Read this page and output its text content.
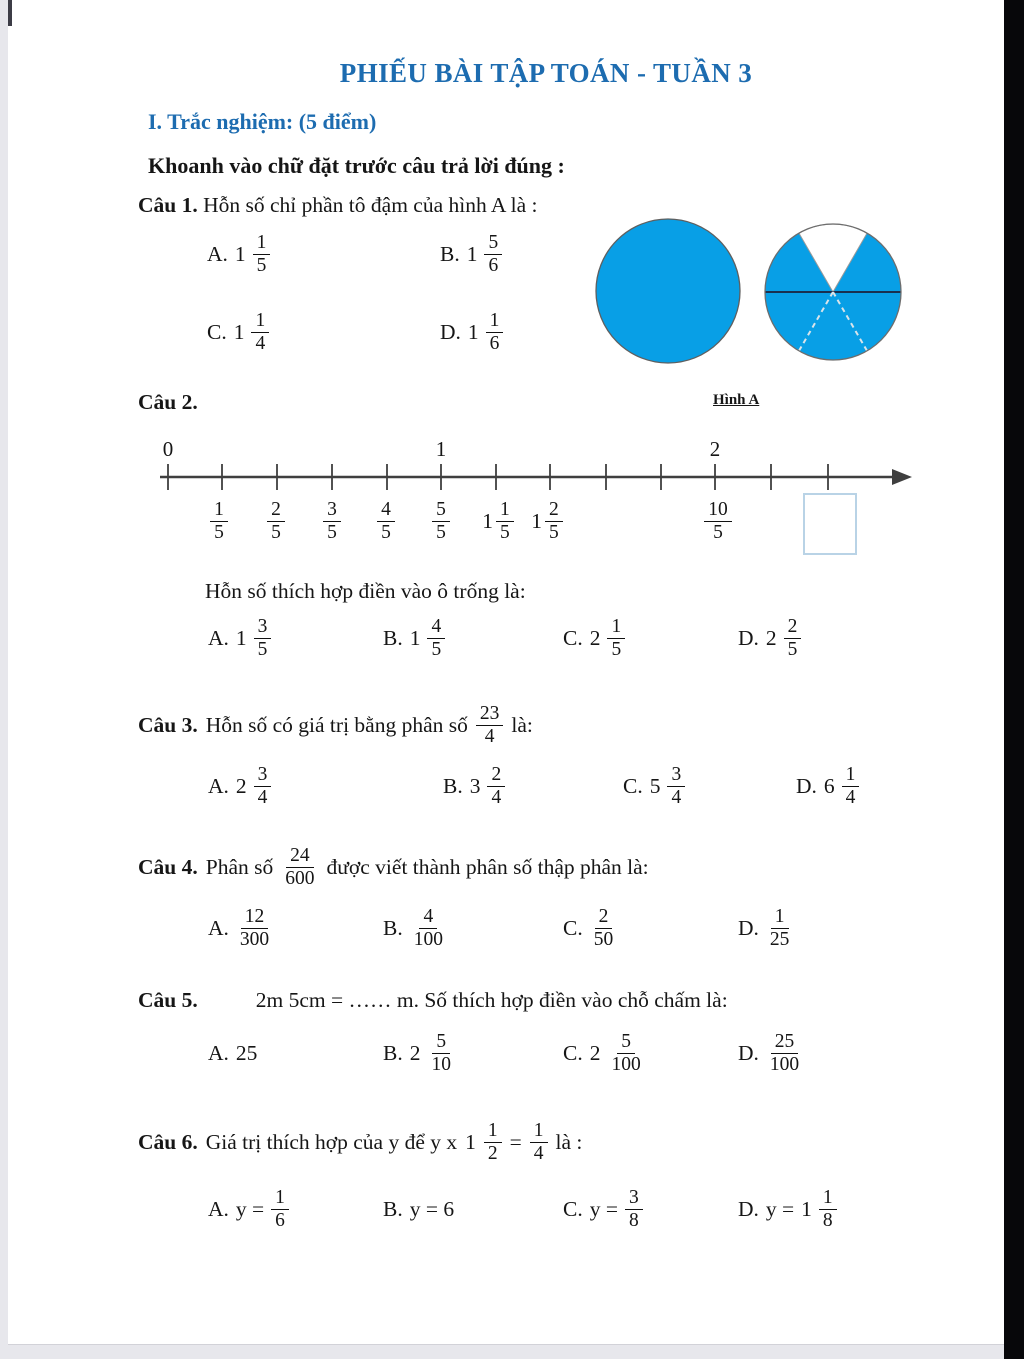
PHIẾU BÀI TẬP TOÁN - TUẦN 3
I. Trắc nghiệm: (5 điểm)

Khoanh vào chữ đặt trước câu trả lời đúng :

Câu 1. Hỗn số chỉ phần tô đậm của hình A là :

A. $1 \frac{1}{5}$	B. $1 \frac{5}{6}$
C. $1 \frac{1}{4}$	D. $1 \frac{1}{6}$
Hình A

Câu 2.

0	1	2
$\frac{1}{5} \frac{2}{5} \frac{3}{5} \frac{4}{5} \frac{5}{5} 1 \frac{1}{5} 1 \frac{2}{5}$	$\frac{10}{5}$

Hỗn số thích hợp điền vào ô trống là:

A. $1 \frac{3}{5}$	B. $1 \frac{4}{5}$	C. $2 \frac{1}{5}$	D. $2 \frac{2}{5}$
Câu 3. Hỗn số có giá trị bằng phân số $\frac{23}{4}$ là:
A. $2 \frac{3}{4}$	B. $3 \frac{2}{4}$	C. $5 \frac{3}{4}$	D. $6 \frac{1}{4}$
Câu 4. Phân số $\frac{24}{600}$ được viết thành phân số thập phân là:
A. $\frac{12}{300}$	B. $\frac{4}{100}$	C. $\frac{2}{50}$	D. $\frac{1}{25}$

Câu 5.	2m 5cm = …… m. Số thích hợp điền vào chỗ chấm là:

A. 25	B. $2 \frac{5}{10}$	C. $2 \frac{5}{100}$	D. $\frac{25}{100}$
Câu 6. Giá trị thích hợp của y để y x $1 \frac{1}{2} = \frac{1}{4}$ là :
A. $y = \frac{1}{6}$	B. y = 6	C. $y = \frac{3}{8}$	D. $y = 1 \frac{1}{8}$
